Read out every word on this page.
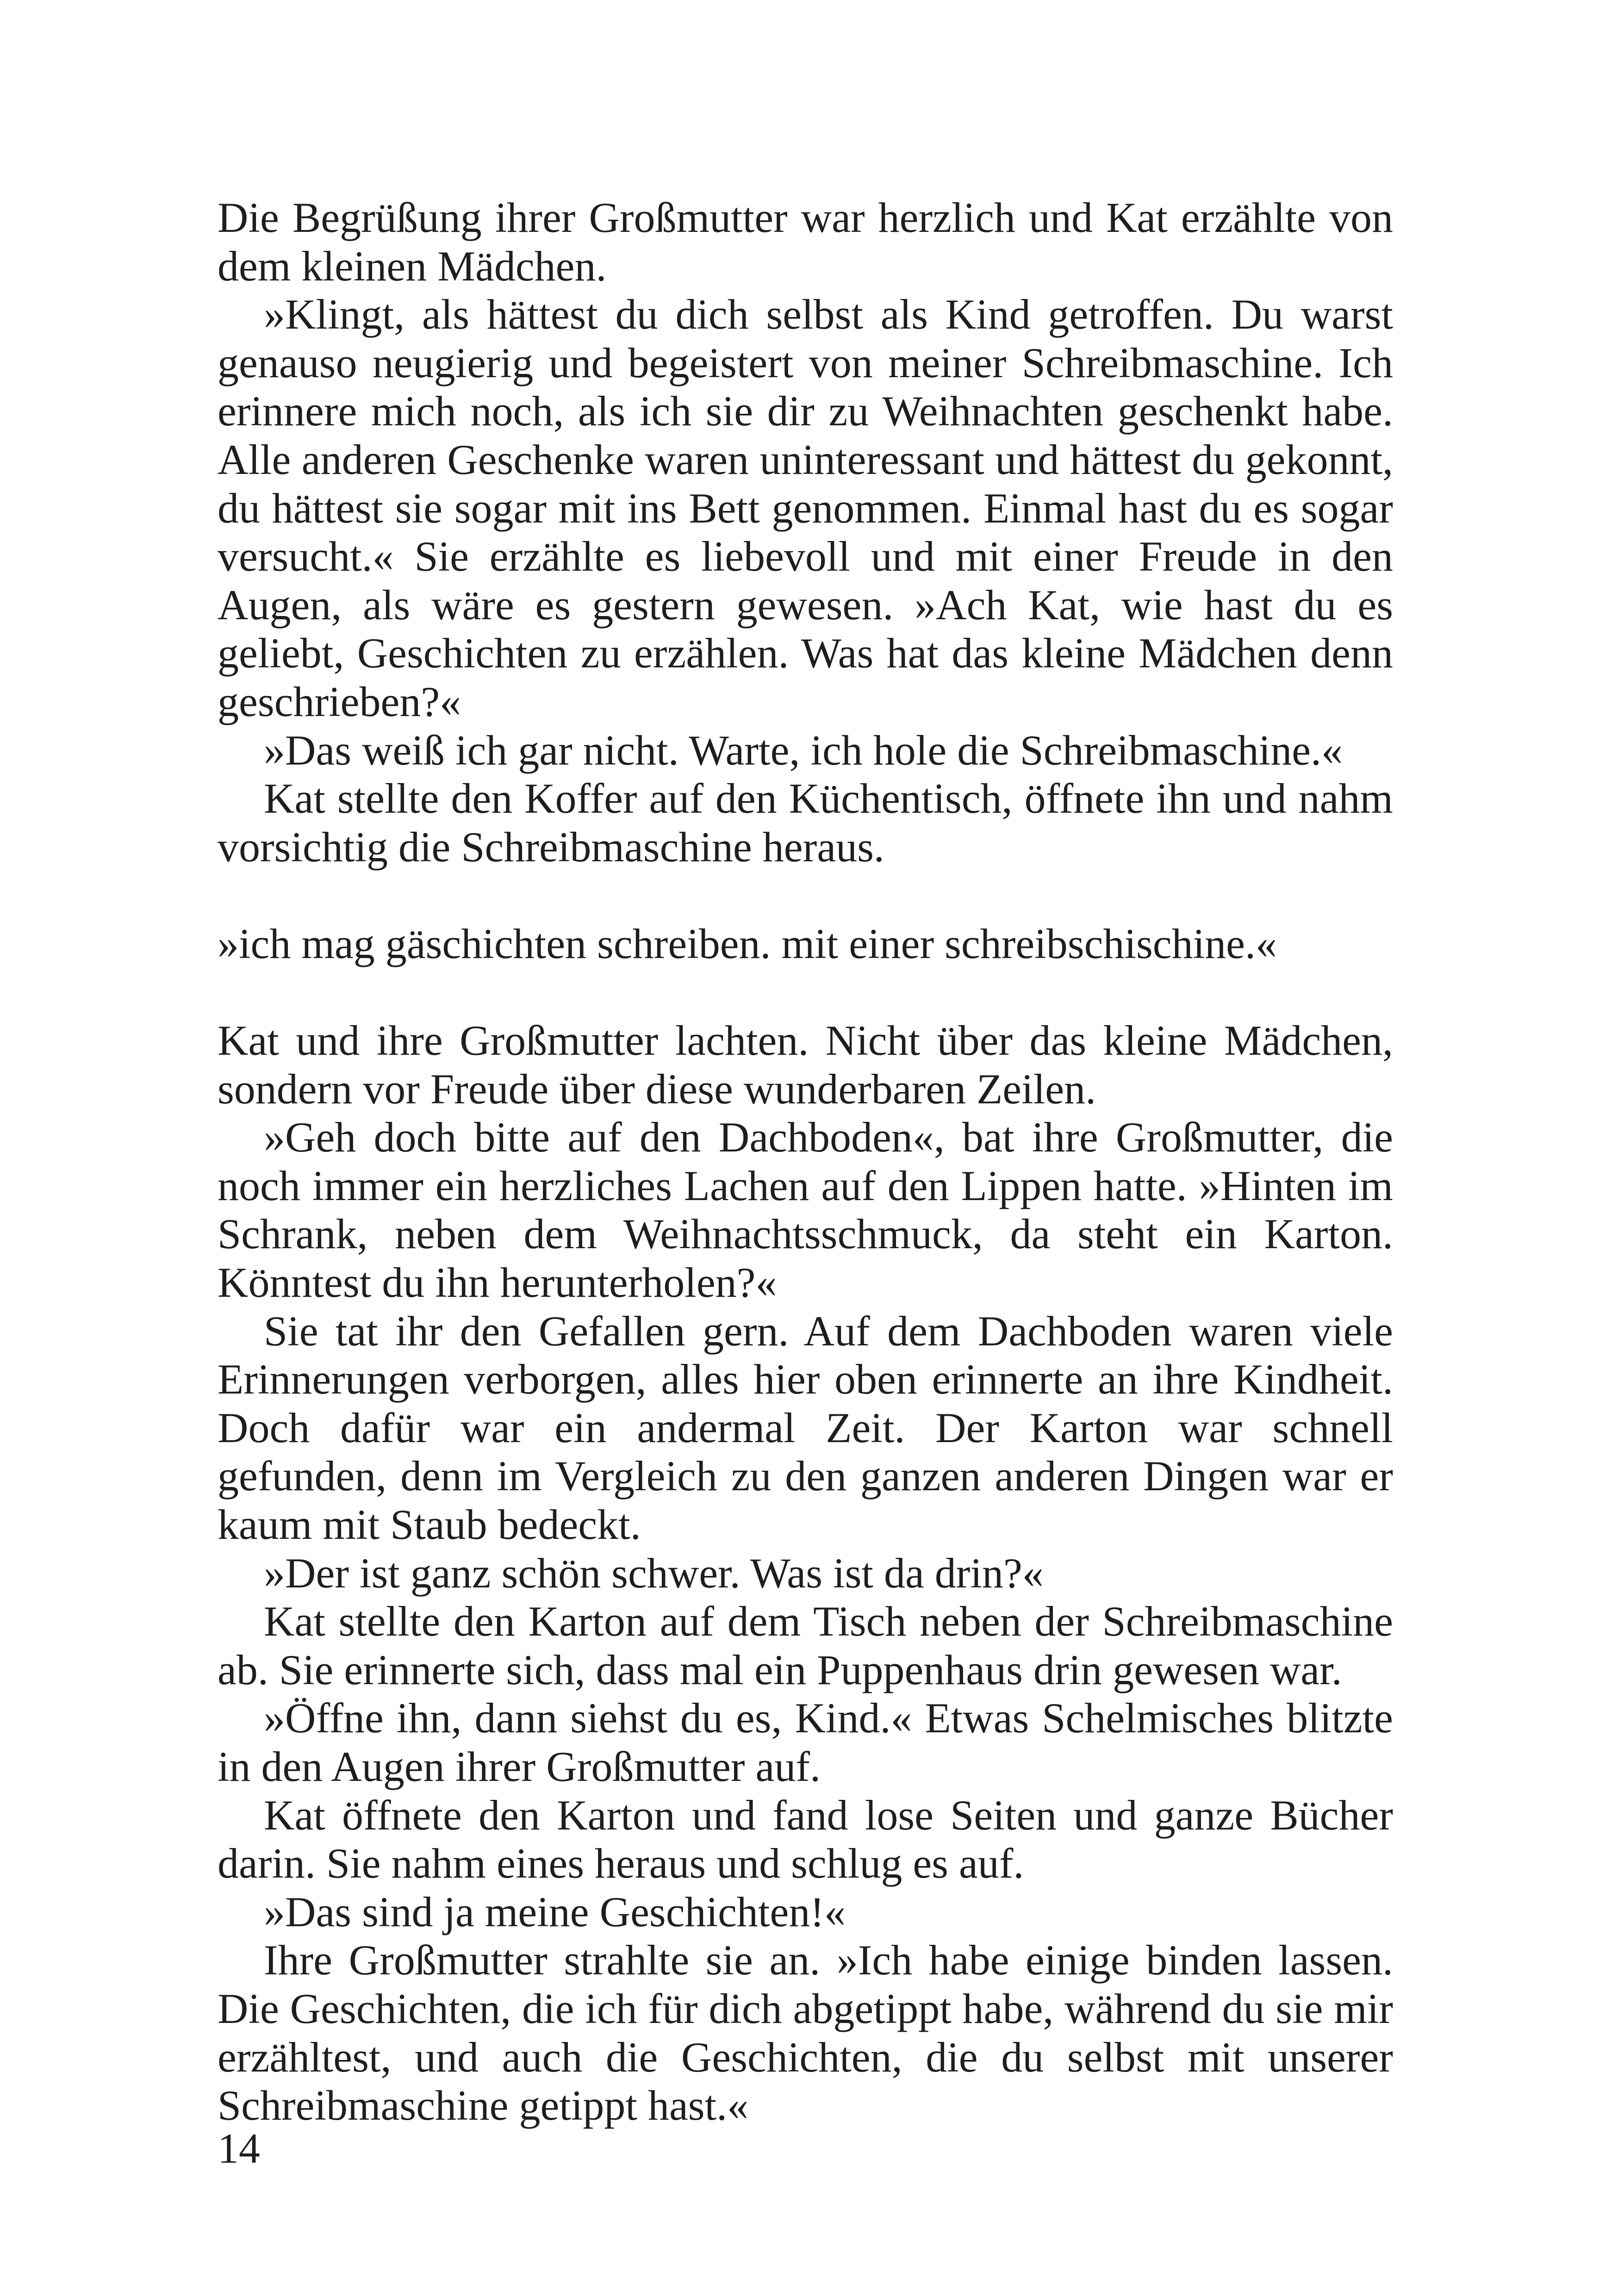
Die Begrüßung ihrer Großmutter war herzlich und Kat erzählte von dem kleinen Mädchen.

»Klingt, als hättest du dich selbst als Kind getroffen. Du warst genauso neugierig und begeistert von meiner Schreibmaschine. Ich erinnere mich noch, als ich sie dir zu Weihnachten geschenkt habe. Alle anderen Geschenke waren uninteressant und hättest du gekonnt, du hättest sie sogar mit ins Bett genommen. Einmal hast du es sogar versucht.« Sie erzählte es liebevoll und mit einer Freude in den Augen, als wäre es gestern gewesen. »Ach Kat, wie hast du es geliebt, Geschichten zu erzählen. Was hat das kleine Mädchen denn geschrieben?«

»Das weiß ich gar nicht. Warte, ich hole die Schreibmaschine.«

Kat stellte den Koffer auf den Küchentisch, öffnete ihn und nahm vorsichtig die Schreibmaschine heraus.

»ich mag gäschichten schreiben. mit einer schreibschischine.«

Kat und ihre Großmutter lachten. Nicht über das kleine Mädchen, sondern vor Freude über diese wunderbaren Zeilen.

»Geh doch bitte auf den Dachboden«, bat ihre Großmutter, die noch immer ein herzliches Lachen auf den Lippen hatte. »Hinten im Schrank, neben dem Weihnachtsschmuck, da steht ein Karton. Könntest du ihn herunterholen?«

Sie tat ihr den Gefallen gern. Auf dem Dachboden waren viele Erinnerungen verborgen, alles hier oben erinnerte an ihre Kindheit. Doch dafür war ein andermal Zeit. Der Karton war schnell gefunden, denn im Vergleich zu den ganzen anderen Dingen war er kaum mit Staub bedeckt.

»Der ist ganz schön schwer. Was ist da drin?«

Kat stellte den Karton auf dem Tisch neben der Schreibmaschine ab. Sie erinnerte sich, dass mal ein Puppenhaus drin gewesen war.

»Öffne ihn, dann siehst du es, Kind.« Etwas Schelmisches blitzte in den Augen ihrer Großmutter auf.

Kat öffnete den Karton und fand lose Seiten und ganze Bücher darin. Sie nahm eines heraus und schlug es auf.

»Das sind ja meine Geschichten!«

Ihre Großmutter strahlte sie an. »Ich habe einige binden lassen. Die Geschichten, die ich für dich abgetippt habe, während du sie mir erzähltest, und auch die Geschichten, die du selbst mit unserer Schreibmaschine getippt hast.«

14
